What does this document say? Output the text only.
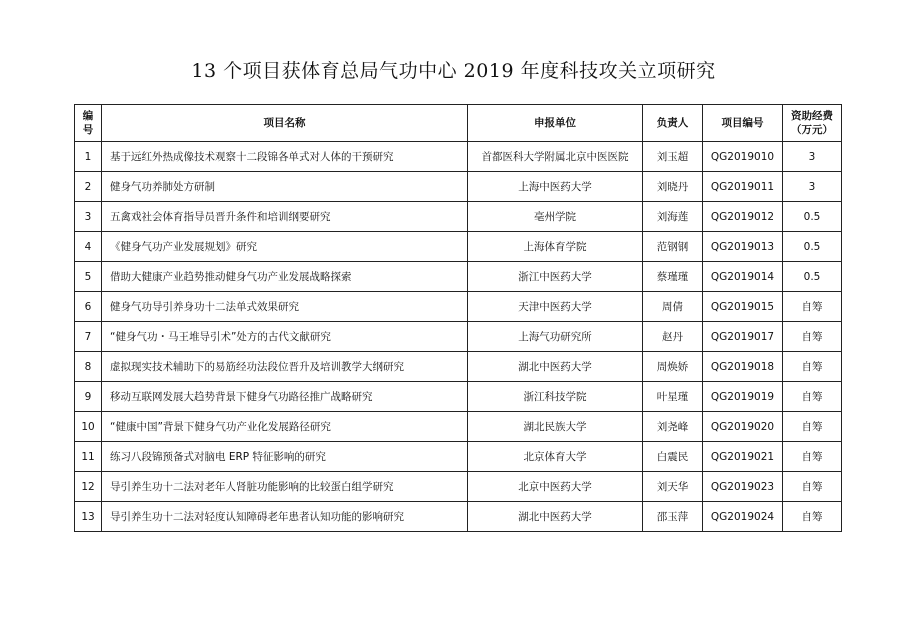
13 个项目获体育总局气功中心 2019 年度科技攻关立项研究
编号	项目名称	申报单位	负责人	项目编号	资助经费（万元）
1	基于远红外热成像技术观察十二段锦各单式对人体的干预研究	首都医科大学附属北京中医医院	刘玉超	QG2019010	3
2	健身气功养肺处方研制	上海中医药大学	刘晓丹	QG2019011	3
3	五禽戏社会体育指导员晋升条件和培训纲要研究	亳州学院	刘海莲	QG2019012	0.5
4	《健身气功产业发展规划》研究	上海体育学院	范钢钢	QG2019013	0.5
5	借助大健康产业趋势推动健身气功产业发展战略探索	浙江中医药大学	蔡瑾瑾	QG2019014	0.5
6	健身气功导引养身功十二法单式效果研究	天津中医药大学	周倩	QG2019015	自筹
7	“健身气功・马王堆导引术”处方的古代文献研究	上海气功研究所	赵丹	QG2019017	自筹
8	虚拟现实技术辅助下的易筋经功法段位晋升及培训教学大纲研究	湖北中医药大学	周焕娇	QG2019018	自筹
9	移动互联网发展大趋势背景下健身气功路径推广战略研究	浙江科技学院	叶星瑾	QG2019019	自筹
10	“健康中国”背景下健身气功产业化发展路径研究	湖北民族大学	刘尧峰	QG2019020	自筹
11	练习八段锦预备式对脑电 ERP 特征影响的研究	北京体育大学	白震民	QG2019021	自筹
12	导引养生功十二法对老年人肾脏功能影响的比较蛋白组学研究	北京中医药大学	刘天华	QG2019023	自筹
13	导引养生功十二法对轻度认知障碍老年患者认知功能的影响研究	湖北中医药大学	邵玉萍	QG2019024	自筹
